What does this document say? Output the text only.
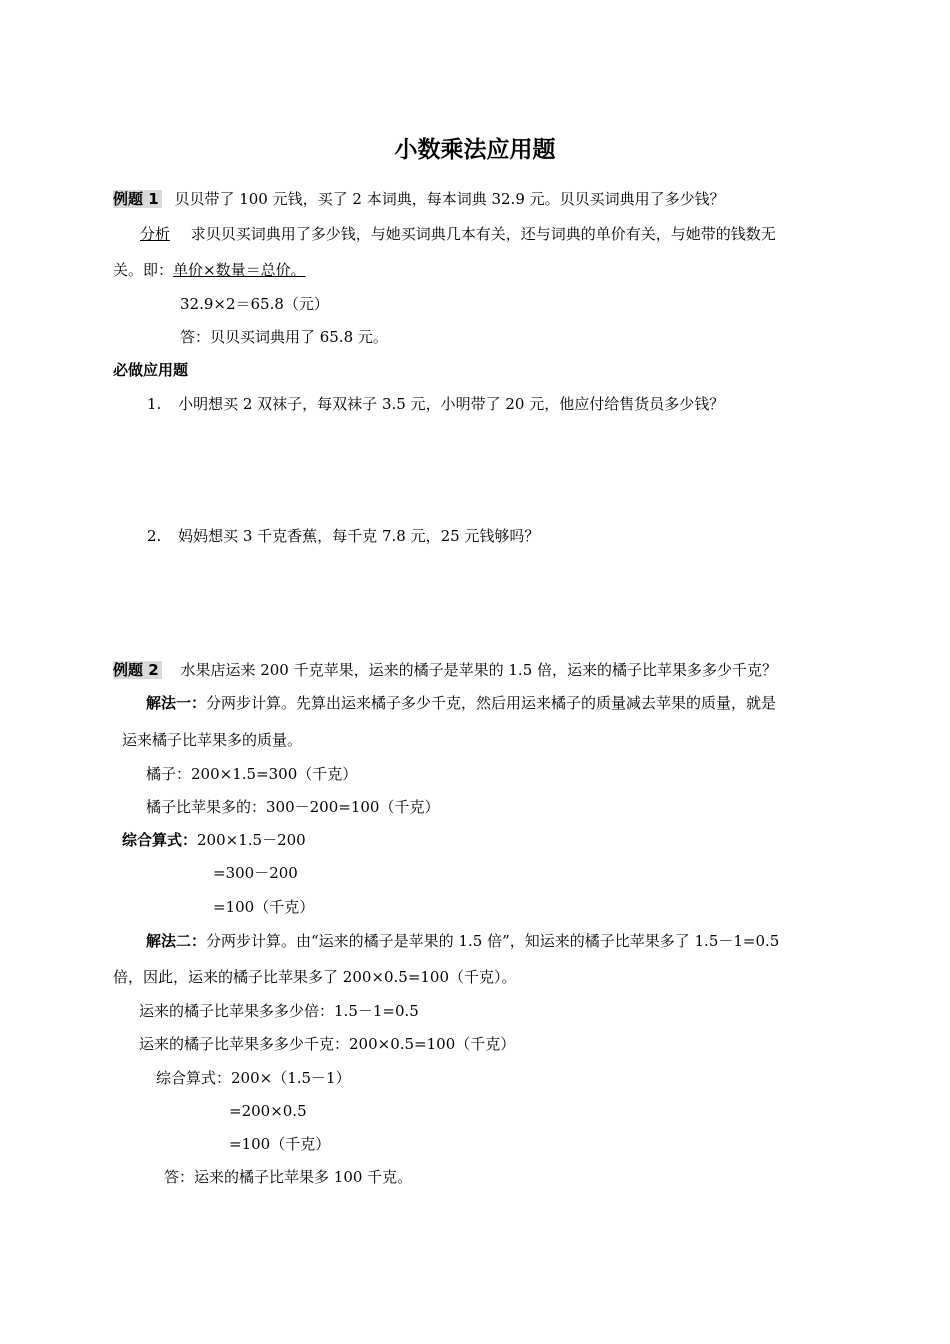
小数乘法应用题
例题 1 贝贝带了 100 元钱，买了 2 本词典，每本词典 32.9 元。贝贝买词典用了多少钱？
分析 求贝贝买词典用了多少钱，与她买词典几本有关，还与词典的单价有关，与她带的钱数无
关。即：单价×数量＝总价。
32.9×2＝65.8（元）
答：贝贝买词典用了 65.8 元。
必做应用题
1. 小明想买 2 双袜子，每双袜子 3.5 元，小明带了 20 元，他应付给售货员多少钱？
2. 妈妈想买 3 千克香蕉，每千克 7.8 元，25 元钱够吗？
例题 2 水果店运来 200 千克苹果，运来的橘子是苹果的 1.5 倍，运来的橘子比苹果多多少千克？
解法一：分两步计算。先算出运来橘子多少千克，然后用运来橘子的质量减去苹果的质量，就是
运来橘子比苹果多的质量。
橘子：200×1.5=300（千克）
橘子比苹果多的：300－200=100（千克）
综合算式：200×1.5－200
=300－200
=100（千克）
解法二：分两步计算。由“运来的橘子是苹果的 1.5 倍”，知运来的橘子比苹果多了 1.5－1=0.5
倍，因此，运来的橘子比苹果多了 200×0.5=100（千克）。
运来的橘子比苹果多多少倍：1.5－1=0.5
运来的橘子比苹果多多少千克：200×0.5=100（千克）
综合算式：200×（1.5－1）
=200×0.5
=100（千克）
答：运来的橘子比苹果多 100 千克。
